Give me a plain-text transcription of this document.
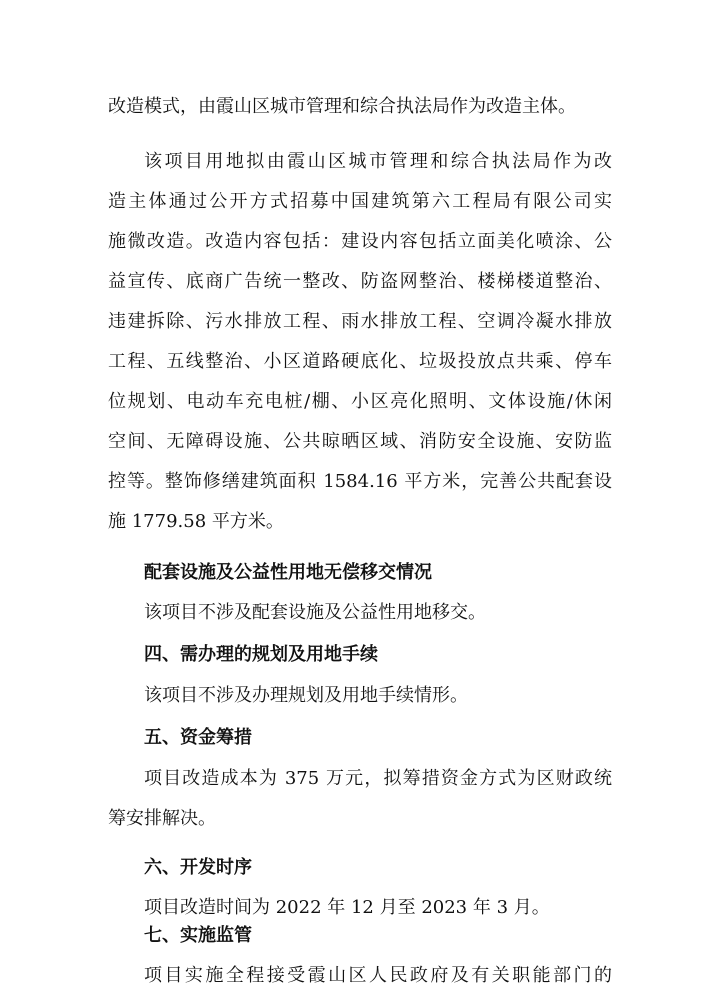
改造模式，由霞山区城市管理和综合执法局作为改造主体。
该项目用地拟由霞山区城市管理和综合执法局作为改
造主体通过公开方式招募中国建筑第六工程局有限公司实
施微改造。改造内容包括：建设内容包括立面美化喷涂、公
益宣传、底商广告统一整改、防盗网整治、楼梯楼道整治、
违建拆除、污水排放工程、雨水排放工程、空调冷凝水排放
工程、五线整治、小区道路硬底化、垃圾投放点共乘、停车
位规划、电动车充电桩/棚、小区亮化照明、文体设施/休闲
空间、无障碍设施、公共晾晒区域、消防安全设施、安防监
控等。整饰修缮建筑面积 1584.16 平方米，完善公共配套设
施 1779.58 平方米。
配套设施及公益性用地无偿移交情况
该项目不涉及配套设施及公益性用地移交。
四、需办理的规划及用地手续
该项目不涉及办理规划及用地手续情形。
五、资金筹措
项目改造成本为 375 万元，拟筹措资金方式为区财政统
筹安排解决。
六、开发时序
项目改造时间为 2022 年 12 月至 2023 年 3 月。
七、实施监管
项目实施全程接受霞山区人民政府及有关职能部门的
